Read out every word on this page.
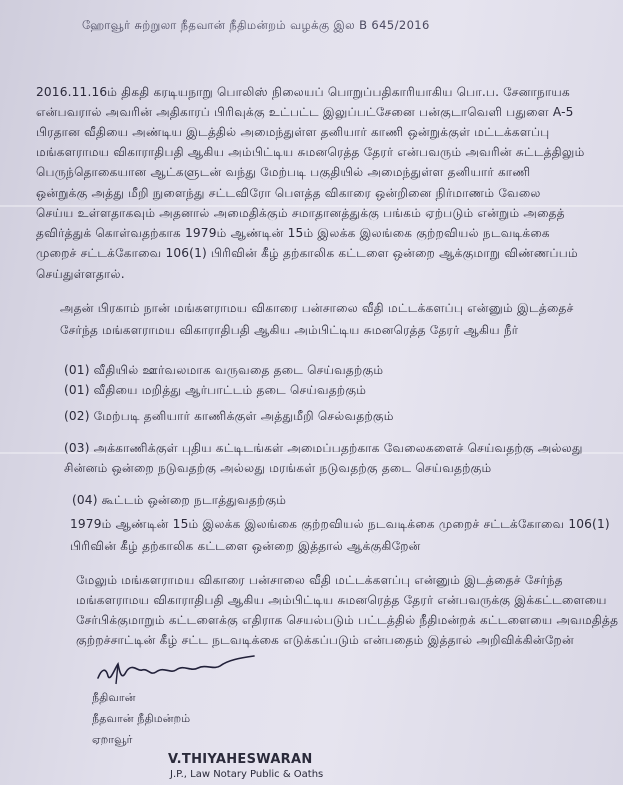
ஹோவூர் சுற்றுலா நீதவான் நீதிமன்றம் வழக்கு இல B 645/2016
2016.11.16ம் திகதி கரடியநாறு பொலிஸ் நிலையப் பொறுப்பதிகாரியாகிய பொ.ப. சேனாநாயக
என்பவரால் அவரின் அதிகாரப் பிரிவுக்கு உட்பட்ட இலுப்பட்சேனை பன்குடாவெளி பதுளை A-5
பிரதான வீதியை அண்டிய இடத்தில் அமைந்துள்ள தனியார் காணி ஒன்றுக்குள் மட்டக்களப்பு
மங்களராமய விகாராதிபதி ஆகிய அம்பிட்டிய சுமனரெத்த தேரர் என்பவரும் அவரின் சுட்டத்திலும்
பெருந்தொகையான ஆட்களுடன் வந்து மேற்படி பகுதியில் அமைந்துள்ள தனியார் காணி
ஒன்றுக்கு அத்து மீறி நுளைந்து சட்டவிரோ பௌத்த விகாரை ஒன்றினை நிர்மாணம் வேலை
செய்ய உள்ளதாகவும் அதனால் அமைதிக்கும் சமாதானத்துக்கு பங்கம் ஏற்படும் என்றும் அதைத்
தவிர்த்துக் கொள்வதற்காக 1979ம் ஆண்டின் 15ம் இலக்க இலங்கை குற்றவியல் நடவடிக்கை
முறைச் சட்டக்கோவை 106(1) பிரிவின் கீழ் தற்காலிக கட்டளை ஒன்றை ஆக்குமாறு விண்ணப்பம்
செய்துள்ளதால்.
அதன் பிரகாம் நான் மங்களராமய விகாரை பன்சாலை வீதி மட்டக்களப்பு என்னும் இடத்தைச்
சேர்ந்த மங்களராமய விகாராதிபதி ஆகிய அம்பிட்டிய சுமனரெத்த தேரர் ஆகிய நீர்
(01) வீதியில் ஊர்வலமாக வருவதை தடை செய்வதற்கும்
(01) வீதியை மறித்து ஆர்பாட்டம் தடை செய்வதற்கும்
(02) மேற்படி தனியார் காணிக்குள் அத்துமீறி செல்வதற்கும்
(03) அக்காணிக்குள் புதிய கட்டிடங்கள் அமைப்பதற்காக வேலைகளைச் செய்வதற்கு அல்லது
சின்னம் ஒன்றை நடுவதற்கு அல்லது மரங்கள் நடுவதற்கு தடை செய்வதற்கும்
(04) கூட்டம் ஒன்றை நடாத்துவதற்கும்
1979ம் ஆண்டின் 15ம் இலக்க இலங்கை குற்றவியல் நடவடிக்கை முறைச் சட்டக்கோவை 106(1)
பிரிவின் கீழ் தற்காலிக கட்டளை ஒன்றை இத்தால் ஆக்குகிறேன்
மேலும் மங்களராமய விகாரை பன்சாலை வீதி மட்டக்களப்பு என்னும் இடத்தைச் சேர்ந்த
மங்களராமய விகாராதிபதி ஆகிய அம்பிட்டிய சுமனரெத்த தேரர் என்பவருக்கு இக்கட்டளையை
சேர்பிக்குமாறும் கட்டளைக்கு எதிராக செயல்படும் பட்டத்தில் நீதிமன்றக் கட்டளையை அவமதித்த
குற்றச்சாட்டின் கீழ் சட்ட நடவடிக்கை எடுக்கப்படும் என்பதைம் இத்தால் அறிவிக்கின்றேன்
நீதிவான்
நீதவான் நீதிமன்றம்
ஏறாவூர்
V.THIYAHESWARAN
J.P., Law Notary Public & Oaths
